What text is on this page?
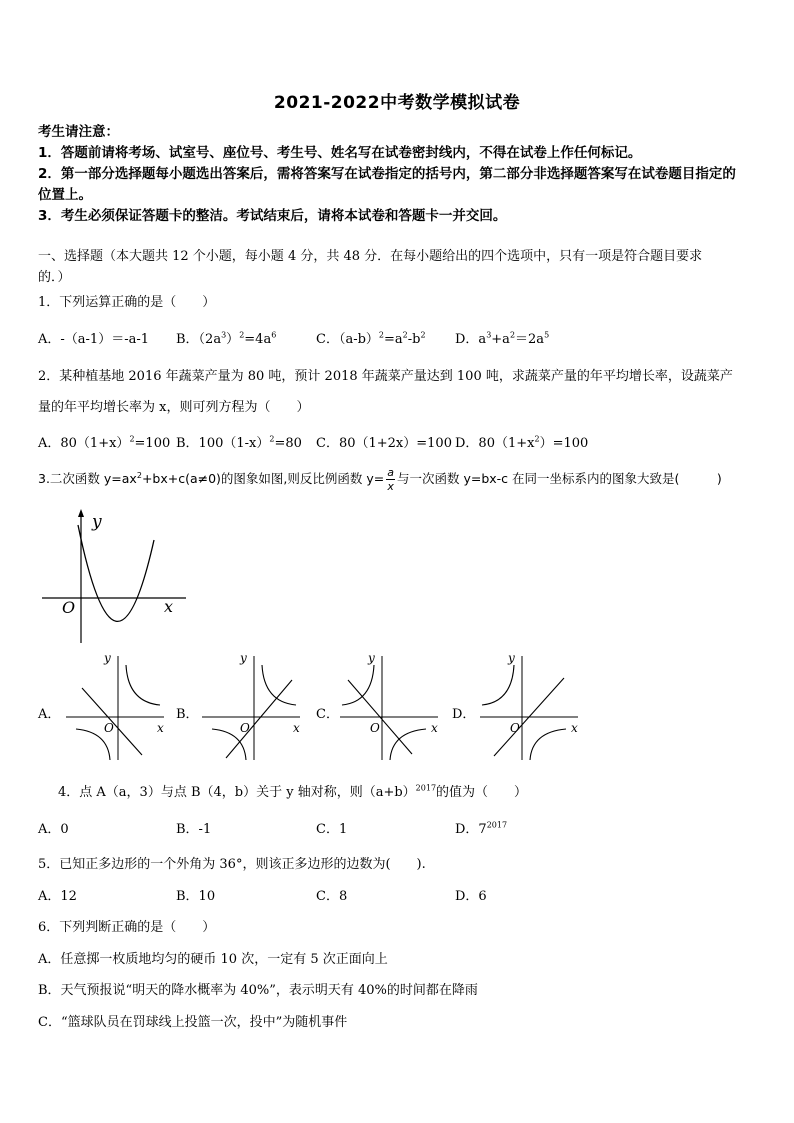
2021-2022中考数学模拟试卷
考生请注意：
1．答题前请将考场、试室号、座位号、考生号、姓名写在试卷密封线内，不得在试卷上作任何标记。
2．第一部分选择题每小题选出答案后，需将答案写在试卷指定的括号内，第二部分非选择题答案写在试卷题目指定的
位置上。
3．考生必须保证答题卡的整洁。考试结束后，请将本试卷和答题卡一并交回。
一、选择题（本大题共 12 个小题，每小题 4 分，共 48 分．在每小题给出的四个选项中，只有一项是符合题目要求
的．）
1．下列运算正确的是（　　）
A．-（a-1）＝-a-1 B．$(2a^3)^2=4a^6$	C．$(a-b)^2=a^2-b^2$ D．$a^3+a^2=2a^5$
2．某种植基地 2016 年蔬菜产量为 80 吨，预计 2018 年蔬菜产量达到 100 吨，求蔬菜产量的年平均增长率，设蔬菜产
量的年平均增长率为 x，则可列方程为（　　）
A．$80(1+x)^2=100$ B．$100(1-x)^2=80$ C．80（1+2x）=100 D．$80(1+x^2)=100$
3.二次函数 $y=ax^2+bx+c(a\ne 0)$的图象如图,则反比例函数 $y= \frac{a}{x}$ 与一次函数 y=bx-c 在同一坐标系内的图象大致是(　　　)
y
O	x
A．
y
O	x
B．
y
O	x
C．
y
O	x
D．
y
O	x
4．点 A（a，3）与点 B（4，b）关于 y 轴对称，则$(a+b)^{2017}$的值为（　　）
A．0	B．-1	C．1	D．$7^{2017}$
5．已知正多边形的一个外角为 36°，则该正多边形的边数为(　　).
A．12	B．10	C．8	D．6
6．下列判断正确的是（　　）
A．任意掷一枚质地均匀的硬币 10 次，一定有 5 次正面向上
B．天气预报说“明天的降水概率为 40%”，表示明天有 40%的时间都在降雨
C．“篮球队员在罚球线上投篮一次，投中”为随机事件
